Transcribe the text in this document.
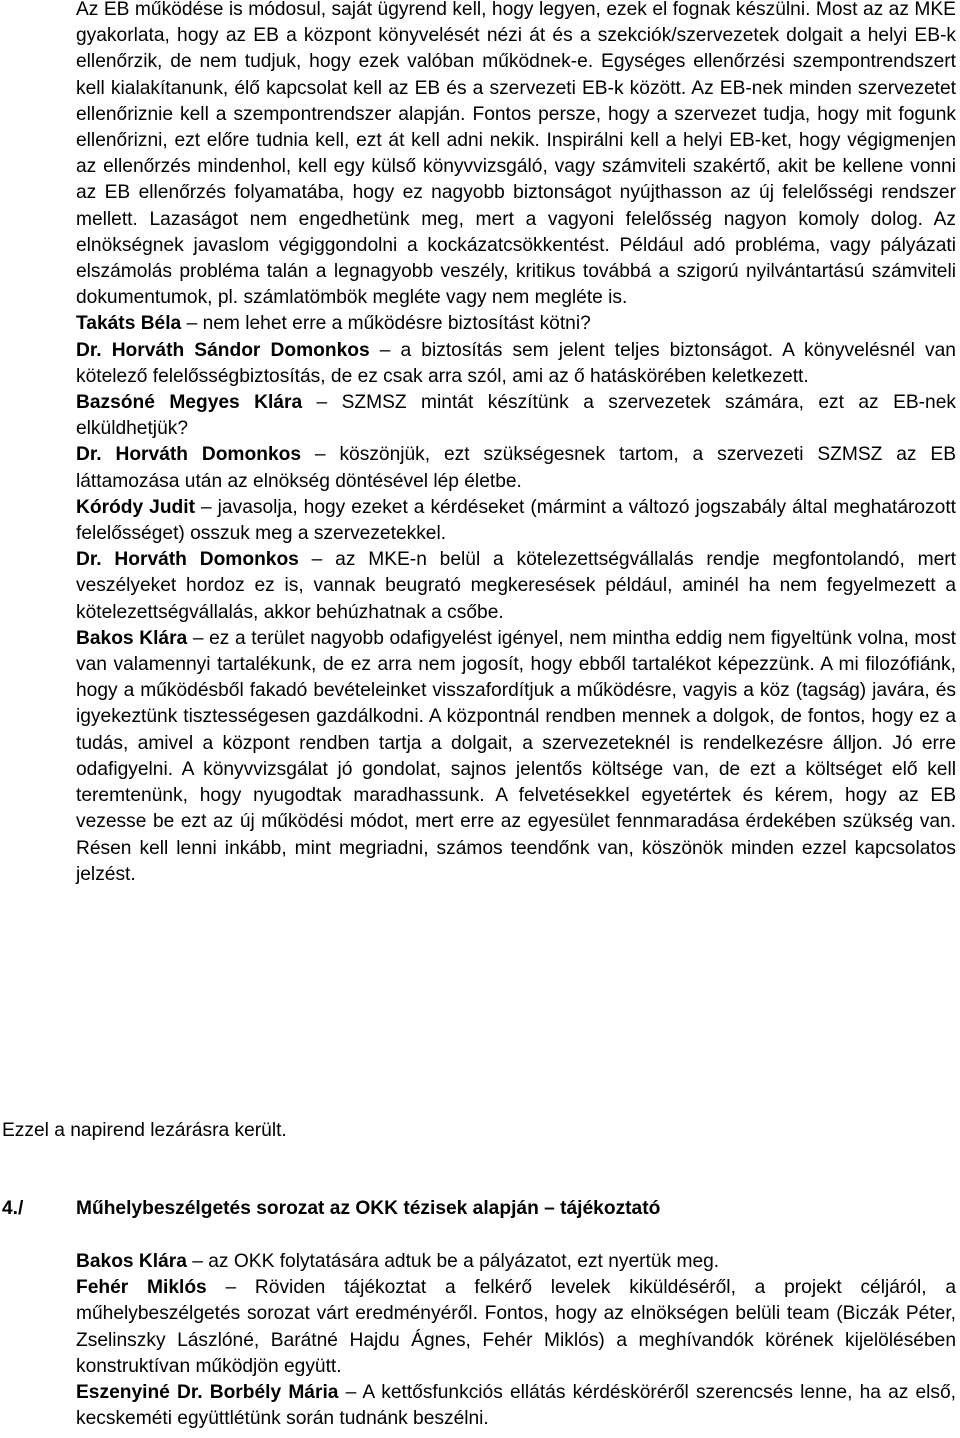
Az EB működése is módosul, saját ügyrend kell, hogy legyen, ezek el fognak készülni. Most az az MKE gyakorlata, hogy az EB a központ könyvelését nézi át és a szekciók/szervezetek dolgait a helyi EB-k ellenőrzik, de nem tudjuk, hogy ezek valóban működnek-e. Egységes ellenőrzési szempontrendszert kell kialakítanunk, élő kapcsolat kell az EB és a szervezeti EB-k között. Az EB-nek minden szervezetet ellenőriznie kell a szempontrendszer alapján. Fontos persze, hogy a szervezet tudja, hogy mit fogunk ellenőrizni, ezt előre tudnia kell, ezt át kell adni nekik. Inspirálni kell a helyi EB-ket, hogy végigmenjen az ellenőrzés mindenhol, kell egy külső könyvvizsgáló, vagy számviteli szakértő, akit be kellene vonni az EB ellenőrzés folyamatába, hogy ez nagyobb biztonságot nyújthasson az új felelősségi rendszer mellett. Lazaságot nem engedhetünk meg, mert a vagyoni felelősség nagyon komoly dolog. Az elnökségnek javaslom végiggondolni a kockázatcsökkentést. Például adó probléma, vagy pályázati elszámolás probléma talán a legnagyobb veszély, kritikus továbbá a szigorú nyilvántartású számviteli dokumentumok, pl. számlatömbök megléte vagy nem megléte is.

Takáts Béla – nem lehet erre a működésre biztosítást kötni?

Dr. Horváth Sándor Domonkos – a biztosítás sem jelent teljes biztonságot. A könyvelésnél van kötelező felelősségbiztosítás, de ez csak arra szól, ami az ő hatáskörében keletkezett.

Bazsóné Megyes Klára – SZMSZ mintát készítünk a szervezetek számára, ezt az EB-nek elküldhetjük?

Dr. Horváth Domonkos – köszönjük, ezt szükségesnek tartom, a szervezeti SZMSZ az EB láttamozása után az elnökség döntésével lép életbe.

Kóródy Judit – javasolja, hogy ezeket a kérdéseket (mármint a változó jogszabály által meghatározott felelősséget) osszuk meg a szervezetekkel.

Dr. Horváth Domonkos – az MKE-n belül a kötelezettségvállalás rendje megfontolandó, mert veszélyeket hordoz ez is, vannak beugrató megkeresések például, aminél ha nem fegyelmezett a kötelezettségvállalás, akkor behúzhatnak a csőbe.

Bakos Klára – ez a terület nagyobb odafigyelést igényel, nem mintha eddig nem figyeltünk volna, most van valamennyi tartalékunk, de ez arra nem jogosít, hogy ebből tartalékot képezzünk. A mi filozófiánk, hogy a működésből fakadó bevételeinket visszafordítjuk a működésre, vagyis a köz (tagság) javára, és igyekeztünk tisztességesen gazdálkodni. A központnál rendben mennek a dolgok, de fontos, hogy ez a tudás, amivel a központ rendben tartja a dolgait, a szervezeteknél is rendelkezésre álljon. Jó erre odafigyelni. A könyvvizsgálat jó gondolat, sajnos jelentős költsége van, de ezt a költséget elő kell teremtenünk, hogy nyugodtak maradhassunk. A felvetésekkel egyetértek és kérem, hogy az EB vezesse be ezt az új működési módot, mert erre az egyesület fennmaradása érdekében szükség van. Résen kell lenni inkább, mint megriadni, számos teendőnk van, köszönök minden ezzel kapcsolatos jelzést.

Ezzel a napirend lezárásra került.

4./	Műhelybeszélgetés sorozat az OKK tézisek alapján – tájékoztató

Bakos Klára – az OKK folytatására adtuk be a pályázatot, ezt nyertük meg.

Fehér Miklós – Röviden tájékoztat a felkérő levelek kiküldéséről, a projekt céljáról, a műhelybeszélgetés sorozat várt eredményéről. Fontos, hogy az elnökségen belüli team (Biczák Péter, Zselinszky Lászlóné, Barátné Hajdu Ágnes, Fehér Miklós) a meghívandók körének kijelölésében konstruktívan működjön együtt.

Eszenyiné Dr. Borbély Mária – A kettősfunkciós ellátás kérdésköréről szerencsés lenne, ha az első, kecskeméti együttlétünk során tudnánk beszélni.
